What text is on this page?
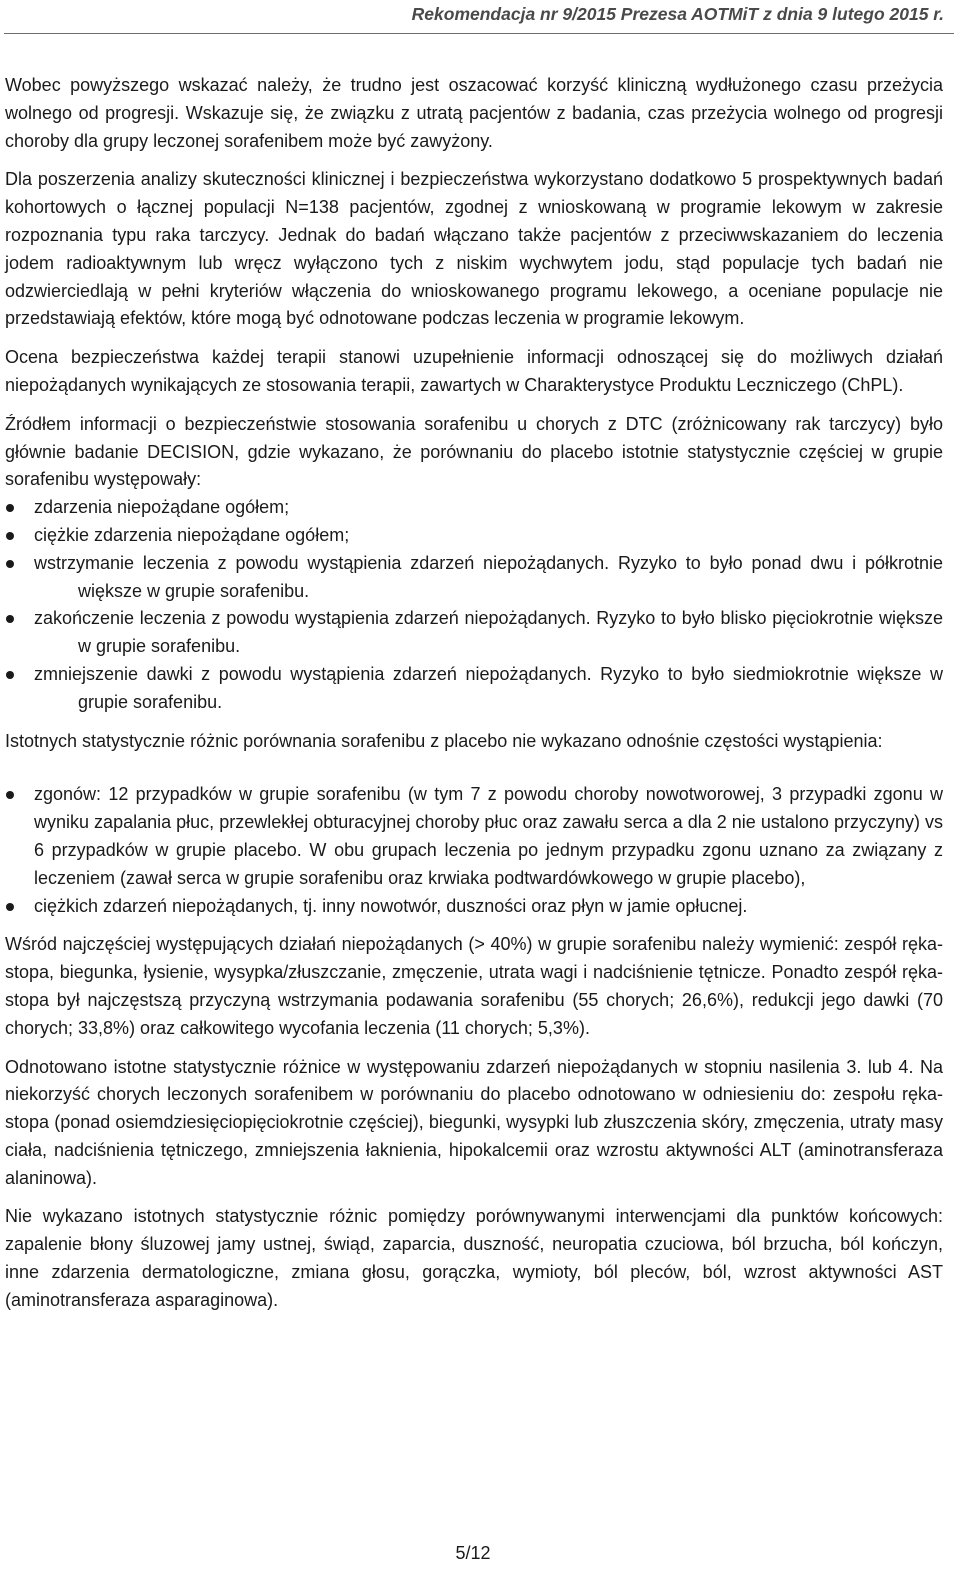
Rekomendacja nr 9/2015 Prezesa AOTMiT z dnia 9 lutego 2015 r.

Wobec powyższego wskazać należy, że trudno jest oszacować korzyść kliniczną wydłużonego czasu przeżycia wolnego od progresji. Wskazuje się, że związku z utratą pacjentów z badania, czas przeżycia wolnego od progresji choroby dla grupy leczonej sorafenibem może być zawyżony.

Dla poszerzenia analizy skuteczności klinicznej i bezpieczeństwa wykorzystano dodatkowo 5 prospektywnych badań kohortowych o łącznej populacji N=138 pacjentów, zgodnej z wnioskowaną w programie lekowym w zakresie rozpoznania typu raka tarczycy. Jednak do badań włączano także pacjentów z przeciwwskazaniem do leczenia jodem radioaktywnym lub wręcz wyłączono tych z niskim wychwytem jodu, stąd populacje tych badań nie odzwierciedlają w pełni kryteriów włączenia do wnioskowanego programu lekowego, a oceniane populacje nie przedstawiają efektów, które mogą być odnotowane podczas leczenia w programie lekowym.

Ocena bezpieczeństwa każdej terapii stanowi uzupełnienie informacji odnoszącej się do możliwych działań niepożądanych wynikających ze stosowania terapii, zawartych w Charakterystyce Produktu Leczniczego (ChPL).

Źródłem informacji o bezpieczeństwie stosowania sorafenibu u chorych z DTC (zróżnicowany rak tarczycy) było głównie badanie DECISION, gdzie wykazano, że porównaniu do placebo istotnie statystycznie częściej w grupie sorafenibu występowały:

zdarzenia niepożądane ogółem;
ciężkie zdarzenia niepożądane ogółem;
wstrzymanie leczenia z powodu wystąpienia zdarzeń niepożądanych. Ryzyko to było ponad dwu i półkrotnie większe w grupie sorafenibu.
zakończenie leczenia z powodu wystąpienia zdarzeń niepożądanych. Ryzyko to było blisko pięciokrotnie większe w grupie sorafenibu.
zmniejszenie dawki z powodu wystąpienia zdarzeń niepożądanych. Ryzyko to było siedmiokrotnie większe w grupie sorafenibu.

Istotnych statystycznie różnic porównania sorafenibu z placebo nie wykazano odnośnie częstości wystąpienia:

zgonów: 12 przypadków w grupie sorafenibu (w tym 7 z powodu choroby nowotworowej, 3 przypadki zgonu w wyniku zapalania płuc, przewlekłej obturacyjnej choroby płuc oraz zawału serca a dla 2 nie ustalono przyczyny) vs 6 przypadków w grupie placebo. W obu grupach leczenia po jednym przypadku zgonu uznano za związany z leczeniem (zawał serca w grupie sorafenibu oraz krwiaka podtwardówkowego w grupie placebo),
ciężkich zdarzeń niepożądanych, tj. inny nowotwór, duszności oraz płyn w jamie opłucnej.

Wśród najczęściej występujących działań niepożądanych (> 40%) w grupie sorafenibu należy wymienić: zespół ręka-stopa, biegunka, łysienie, wysypka/złuszczanie, zmęczenie, utrata wagi i nadciśnienie tętnicze. Ponadto zespół ręka-stopa był najczęstszą przyczyną wstrzymania podawania sorafenibu (55 chorych; 26,6%), redukcji jego dawki (70 chorych; 33,8%) oraz całkowitego wycofania leczenia (11 chorych; 5,3%).

Odnotowano istotne statystycznie różnice w występowaniu zdarzeń niepożądanych w stopniu nasilenia 3. lub 4. Na niekorzyść chorych leczonych sorafenibem w porównaniu do placebo odnotowano w odniesieniu do: zespołu ręka-stopa (ponad osiemdziesięciopięciokrotnie częściej), biegunki, wysypki lub złuszczenia skóry, zmęczenia, utraty masy ciała, nadciśnienia tętniczego, zmniejszenia łaknienia, hipokalcemii oraz wzrostu aktywności ALT (aminotransferaza alaninowa).

Nie wykazano istotnych statystycznie różnic pomiędzy porównywanymi interwencjami dla punktów końcowych: zapalenie błony śluzowej jamy ustnej, świąd, zaparcia, duszność, neuropatia czuciowa, ból brzucha, ból kończyn, inne zdarzenia dermatologiczne, zmiana głosu, gorączka, wymioty, ból pleców, ból, wzrost aktywności AST (aminotransferaza asparaginowa).

5/12
